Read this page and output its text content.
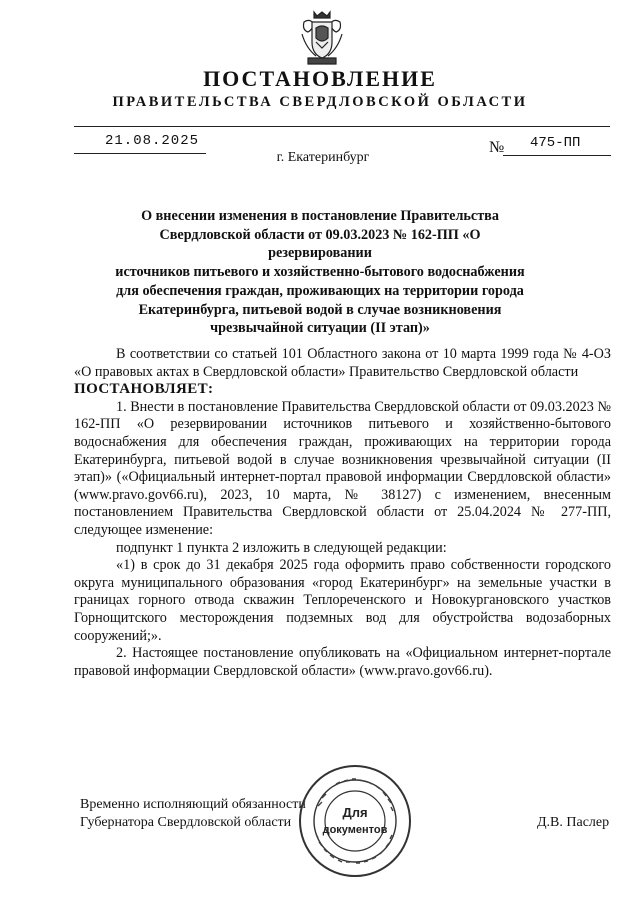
ПОСТАНОВЛЕНИЕ
ПРАВИТЕЛЬСТВА СВЕРДЛОВСКОЙ ОБЛАСТИ
21.08.2025	№ 475-ПП
г. Екатеринбург
О внесении изменения в постановление Правительства
Свердловской области от 09.03.2023 № 162-ПП «О резервировании
источников питьевого и хозяйственно-бытового водоснабжения
для обеспечения граждан, проживающих на территории города
Екатеринбурга, питьевой водой в случае возникновения
чрезвычайной ситуации (II этап)»

В соответствии со статьей 101 Областного закона от 10 марта 1999 года № 4-ОЗ «О правовых актах в Свердловской области» Правительство Свердловской области

ПОСТАНОВЛЯЕТ:

1. Внести в постановление Правительства Свердловской области от 09.03.2023 № 162-ПП «О резервировании источников питьевого и хозяйственно-бытового водоснабжения для обеспечения граждан, проживающих на территории города Екатеринбурга, питьевой водой в случае возникновения чрезвычайной ситуации (II этап)» («Официальный интернет-портал правовой информации Свердловской области» (www.pravo.gov66.ru), 2023, 10 марта, № 38127) с изменением, внесенным постановлением Правительства Свердловской области от 25.04.2024 № 277-ПП, следующее изменение:

подпункт 1 пункта 2 изложить в следующей редакции:

«1) в срок до 31 декабря 2025 года оформить право собственности городского округа муниципального образования «город Екатеринбург» на земельные участки в границах горного отвода скважин Теплореченского и Новокургановского участков Горнощитского месторождения подземных вод для обустройства водозаборных сооружений;».

2. Настоящее постановление опубликовать на «Официальном интернет-портале правовой информации Свердловской области» (www.pravo.gov66.ru).

Временно исполняющий обязанности
Губернатора Свердловской области	Д.В. Паслер
Для
документов
